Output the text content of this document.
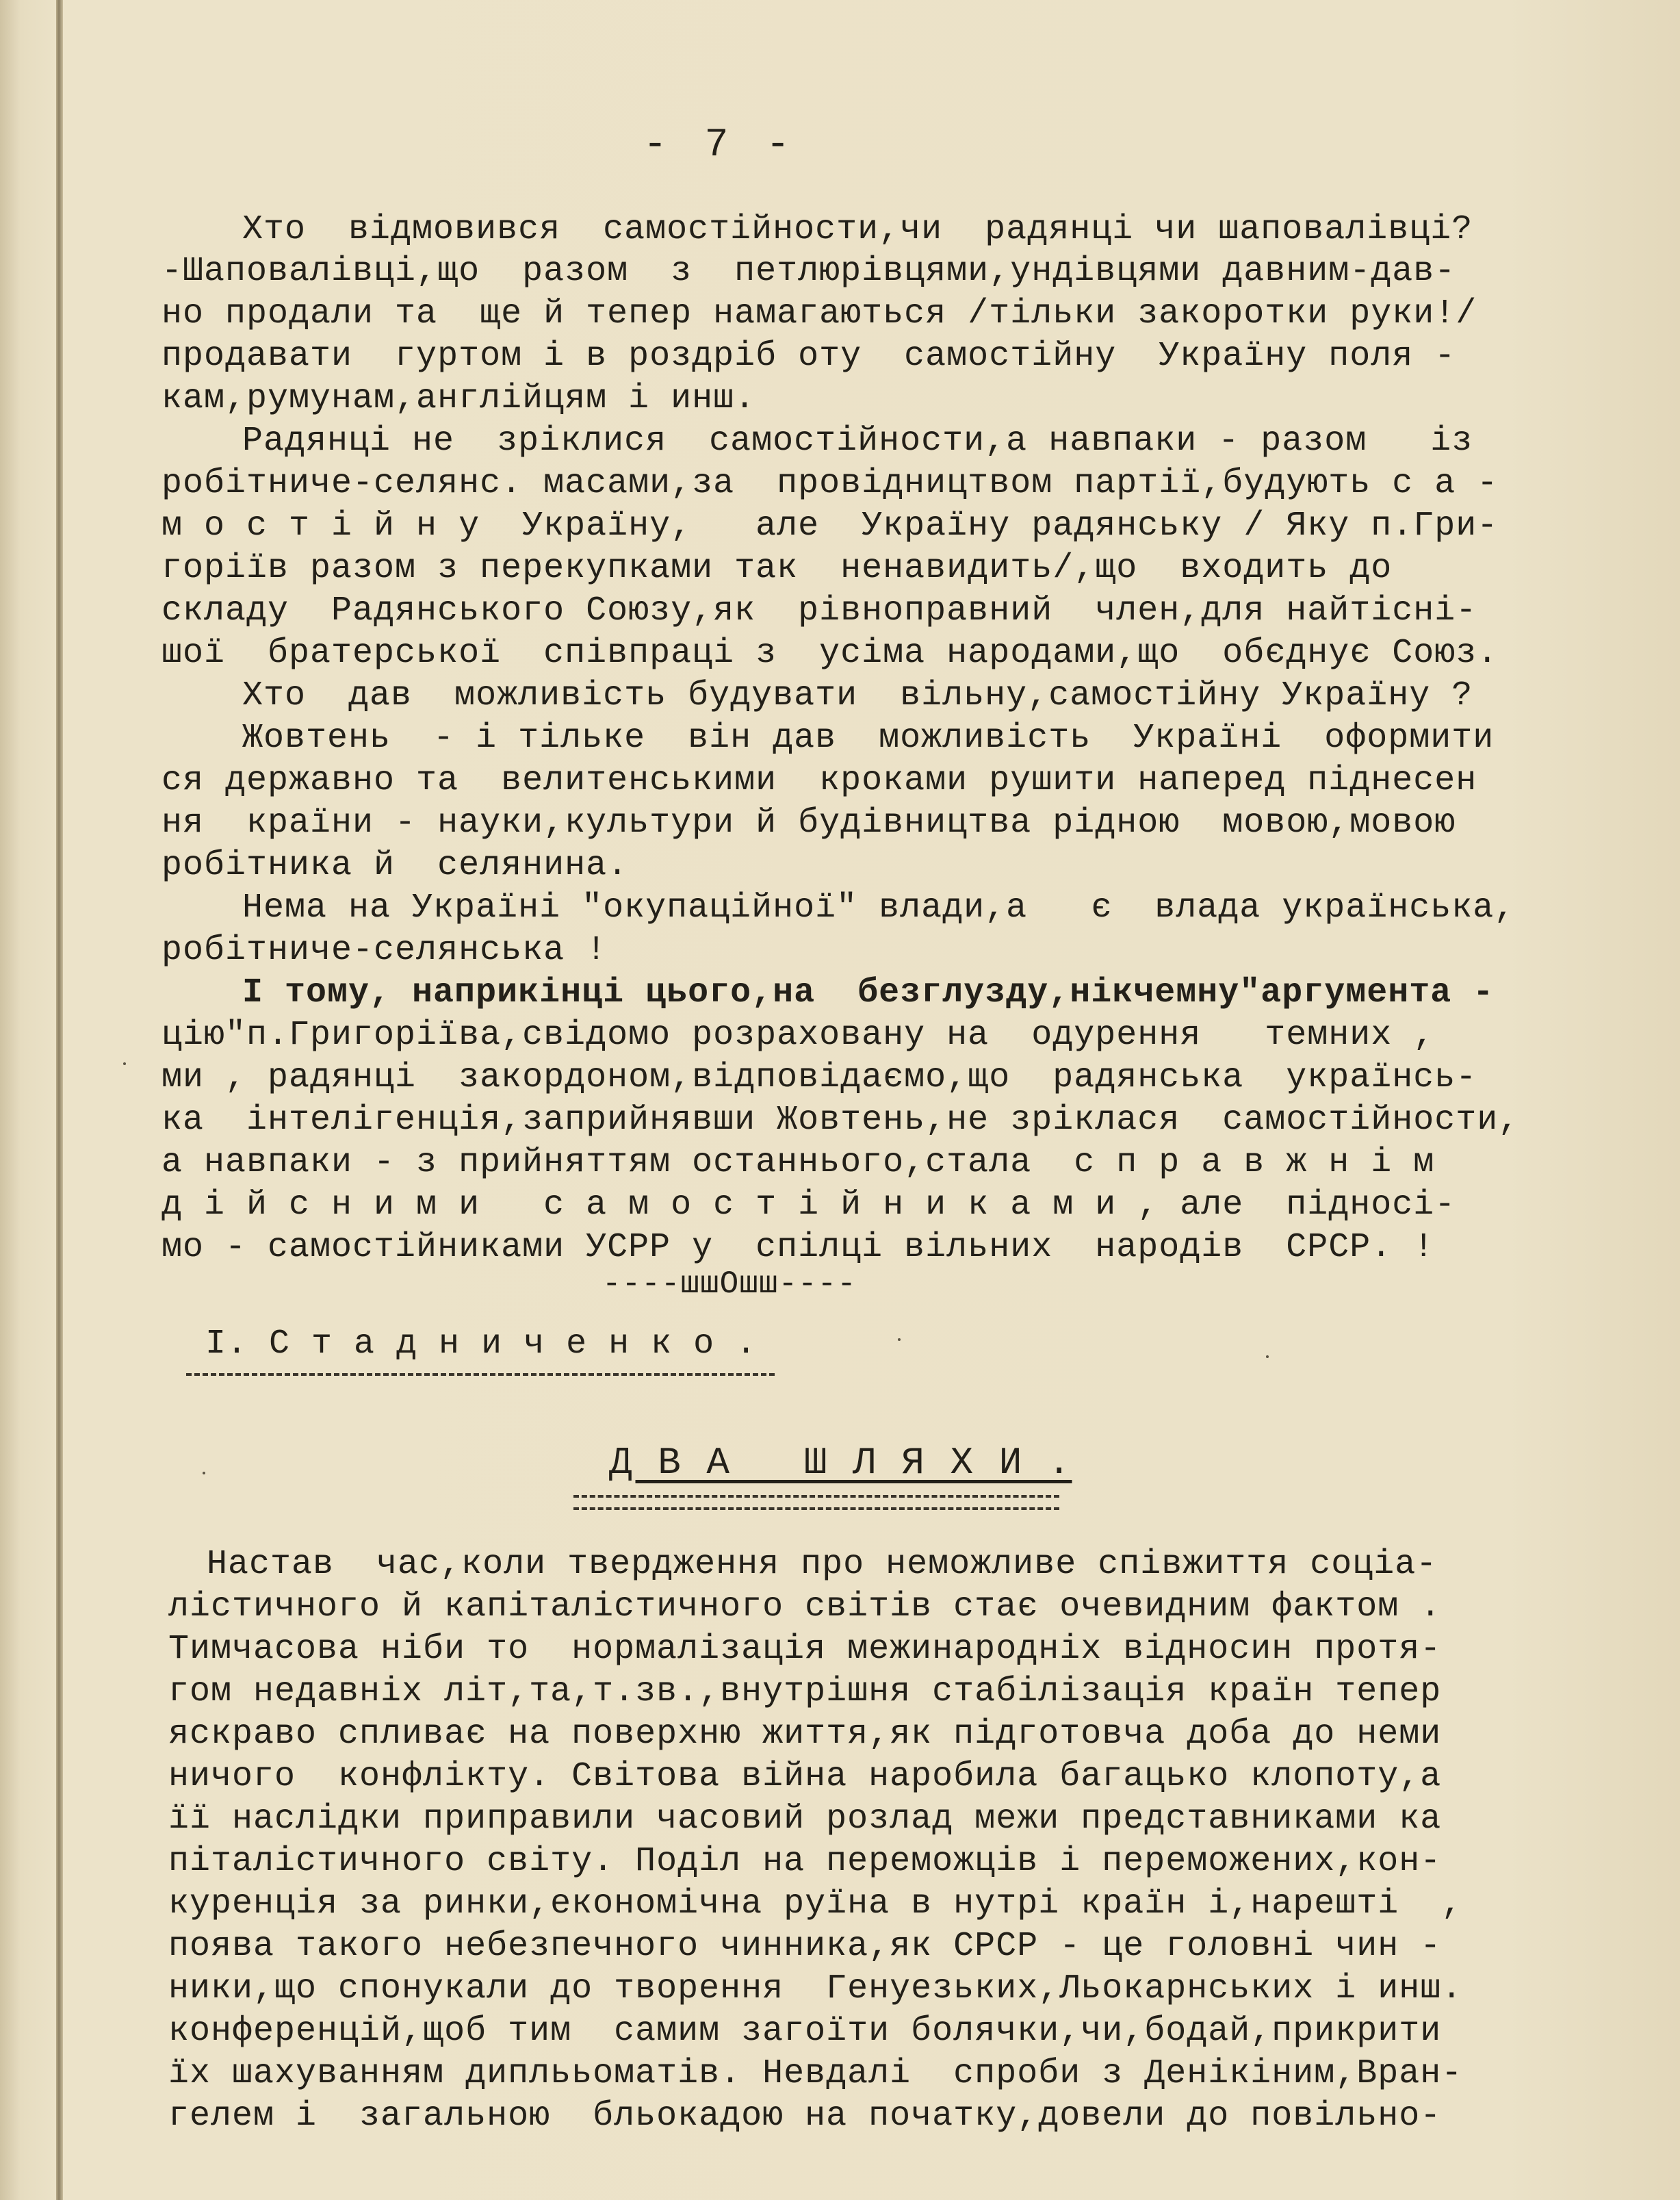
- 7 -
Хто  відмовився  самостійности,чи  радянці чи шаповалівці?
-Шаповалівці,що  разом  з  петлюрівцями,ундівцями давним-дав-
но продали та  ще й тепер намагаються /тільки закоротки руки!/
продавати  гуртом і в роздріб оту  самостійну  Україну поля -
кам,румунам,англійцям і инш.
Радянці не  зріклися  самостійности,а навпаки - разом   із
робітниче-селянс. масами,за  провідництвом партії,будують с а -
м о с т і й н у  Україну,   але  Україну радянську / Яку п.Гри-
горіїв разом з перекупками так  ненавидить/,що  входить до
складу  Радянського Союзу,як  рівноправний  член,для найтісні-
шої  братерської  співпраці з  усіма народами,що  обєднує Союз.
Хто  дав  можливість будувати  вільну,самостійну Україну ?
Жовтень  - і тільке  він дав  можливість  Україні  оформити
ся державно та  велитенськими  кроками рушити наперед піднесен
ня  країни - науки,культури й будівництва рідною  мовою,мовою
робітника й  селянина.
Нема на Україні "окупаційної" влади,а   є  влада українська,
робітниче-селянська !
І тому, наприкінці цього,на  безглузду,нікчемну"аргумента -
цію"п.Григоріїва,свідомо розраховану на  одурення   темних ,
ми , радянці  закордоном,відповідаємо,що  радянська  українсь-
ка  інтелігенція,заприйнявши Жовтень,не зріклася  самостійности,
а навпаки - з прийняттям останнього,стала  с п р а в ж н і м
д і й с н и м и   с а м о с т і й н и к а м и , але  підносі-
мо - самостійниками УСРР у  спілці вільних  народів  СРСР. !
----шшОшш----
І. С т а д н и ч е н к о .
Д В А   Ш Л Я Х И .
Настав  час,коли твердження про неможливе співжиття соціа-
лістичного й капіталістичного світів стає очевидним фактом .
Тимчасова ніби то  нормалізація межинародніх відносин протя-
гом недавніх літ,та,т.зв.,внутрішня стабілізація країн тепер
яскраво спливає на поверхню життя,як підготовча доба до неми
ничого  конфлікту. Світова війна наробила багацько клопоту,а
її наслідки приправили часовий розлад межи представниками ка
піталістичного світу. Поділ на переможців і переможених,кон-
куренція за ринки,економічна руїна в нутрі країн і,нарешті  ,
поява такого небезпечного чинника,як СРСР - це головні чин -
ники,що спонукали до творення  Генуезьких,Льокарнських і инш.
конференцій,щоб тим  самим загоїти болячки,чи,бодай,прикрити
їх шахуванням диплььоматів. Невдалі  спроби з Денікіним,Вран-
гелем і  загальною  бльокадою на початку,довели до повільно-
